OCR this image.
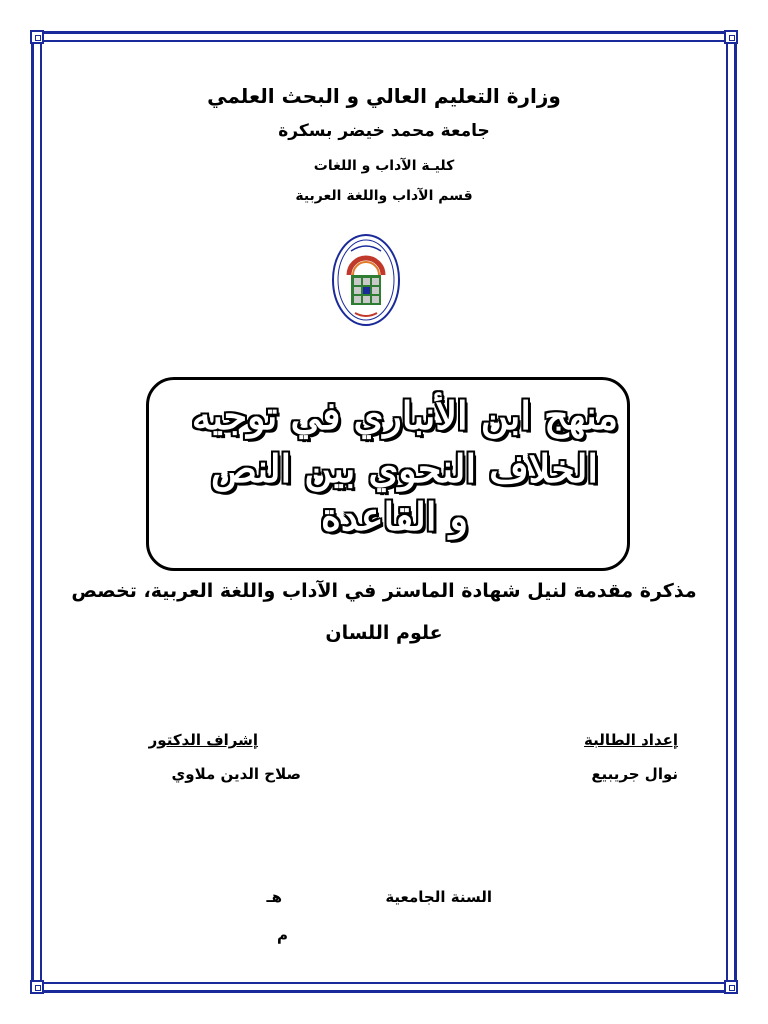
وزارة التعليم العالي و البحث العلمي
جامعة محمد خيضر بسكرة
كليـة الآداب و اللغات
قسم الآداب واللغة العربية
منهج ابن الأنباري في توجيه
الخلاف النحوي بين النص
و القاعدة
مذكرة مقدمة لنيل شهادة الماستر في الآداب واللغة العربية، تخصص
علوم اللسان
إعداد الطالبة
نوال جريبيع
إشراف الدكتور
صلاح الدين ملاوي
السنة الجامعية
هـ
م
